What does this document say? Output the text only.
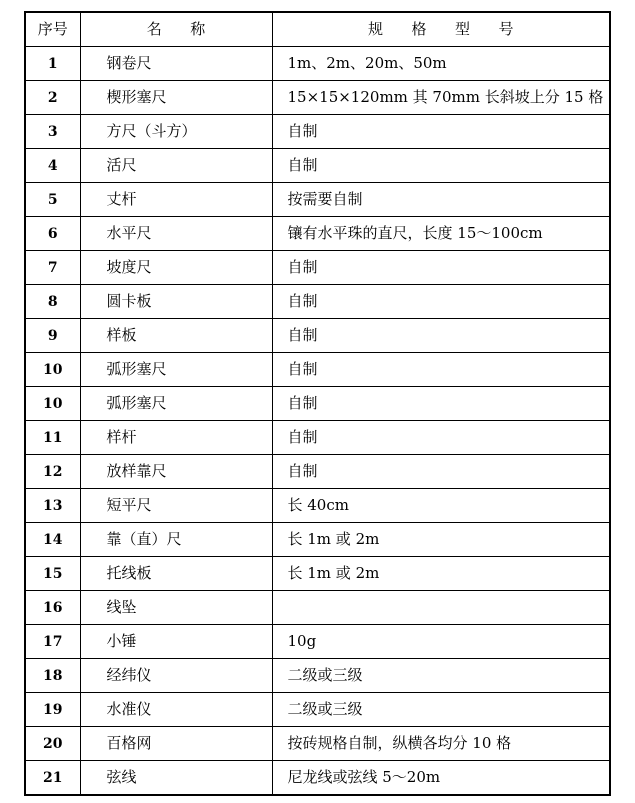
序号	名称	规格型号
1	钢卷尺	1m、2m、20m、50m
2	楔形塞尺	15×15×120mm 其 70mm 长斜坡上分 15 格
3	方尺（斗方）	自制
4	活尺	自制
5	丈杆	按需要自制
6	水平尺	镶有水平珠的直尺，长度 15～100cm
7	坡度尺	自制
8	圆卡板	自制
9	样板	自制
10	弧形塞尺	自制
10	弧形塞尺	自制
11	样杆	自制
12	放样靠尺	自制
13	短平尺	长 40cm
14	靠（直）尺	长 1m 或 2m
15	托线板	长 1m 或 2m
16	线坠	
17	小锤	10g
18	经纬仪	二级或三级
19	水准仪	二级或三级
20	百格网	按砖规格自制，纵横各均分 10 格
21	弦线	尼龙线或弦线 5～20m
